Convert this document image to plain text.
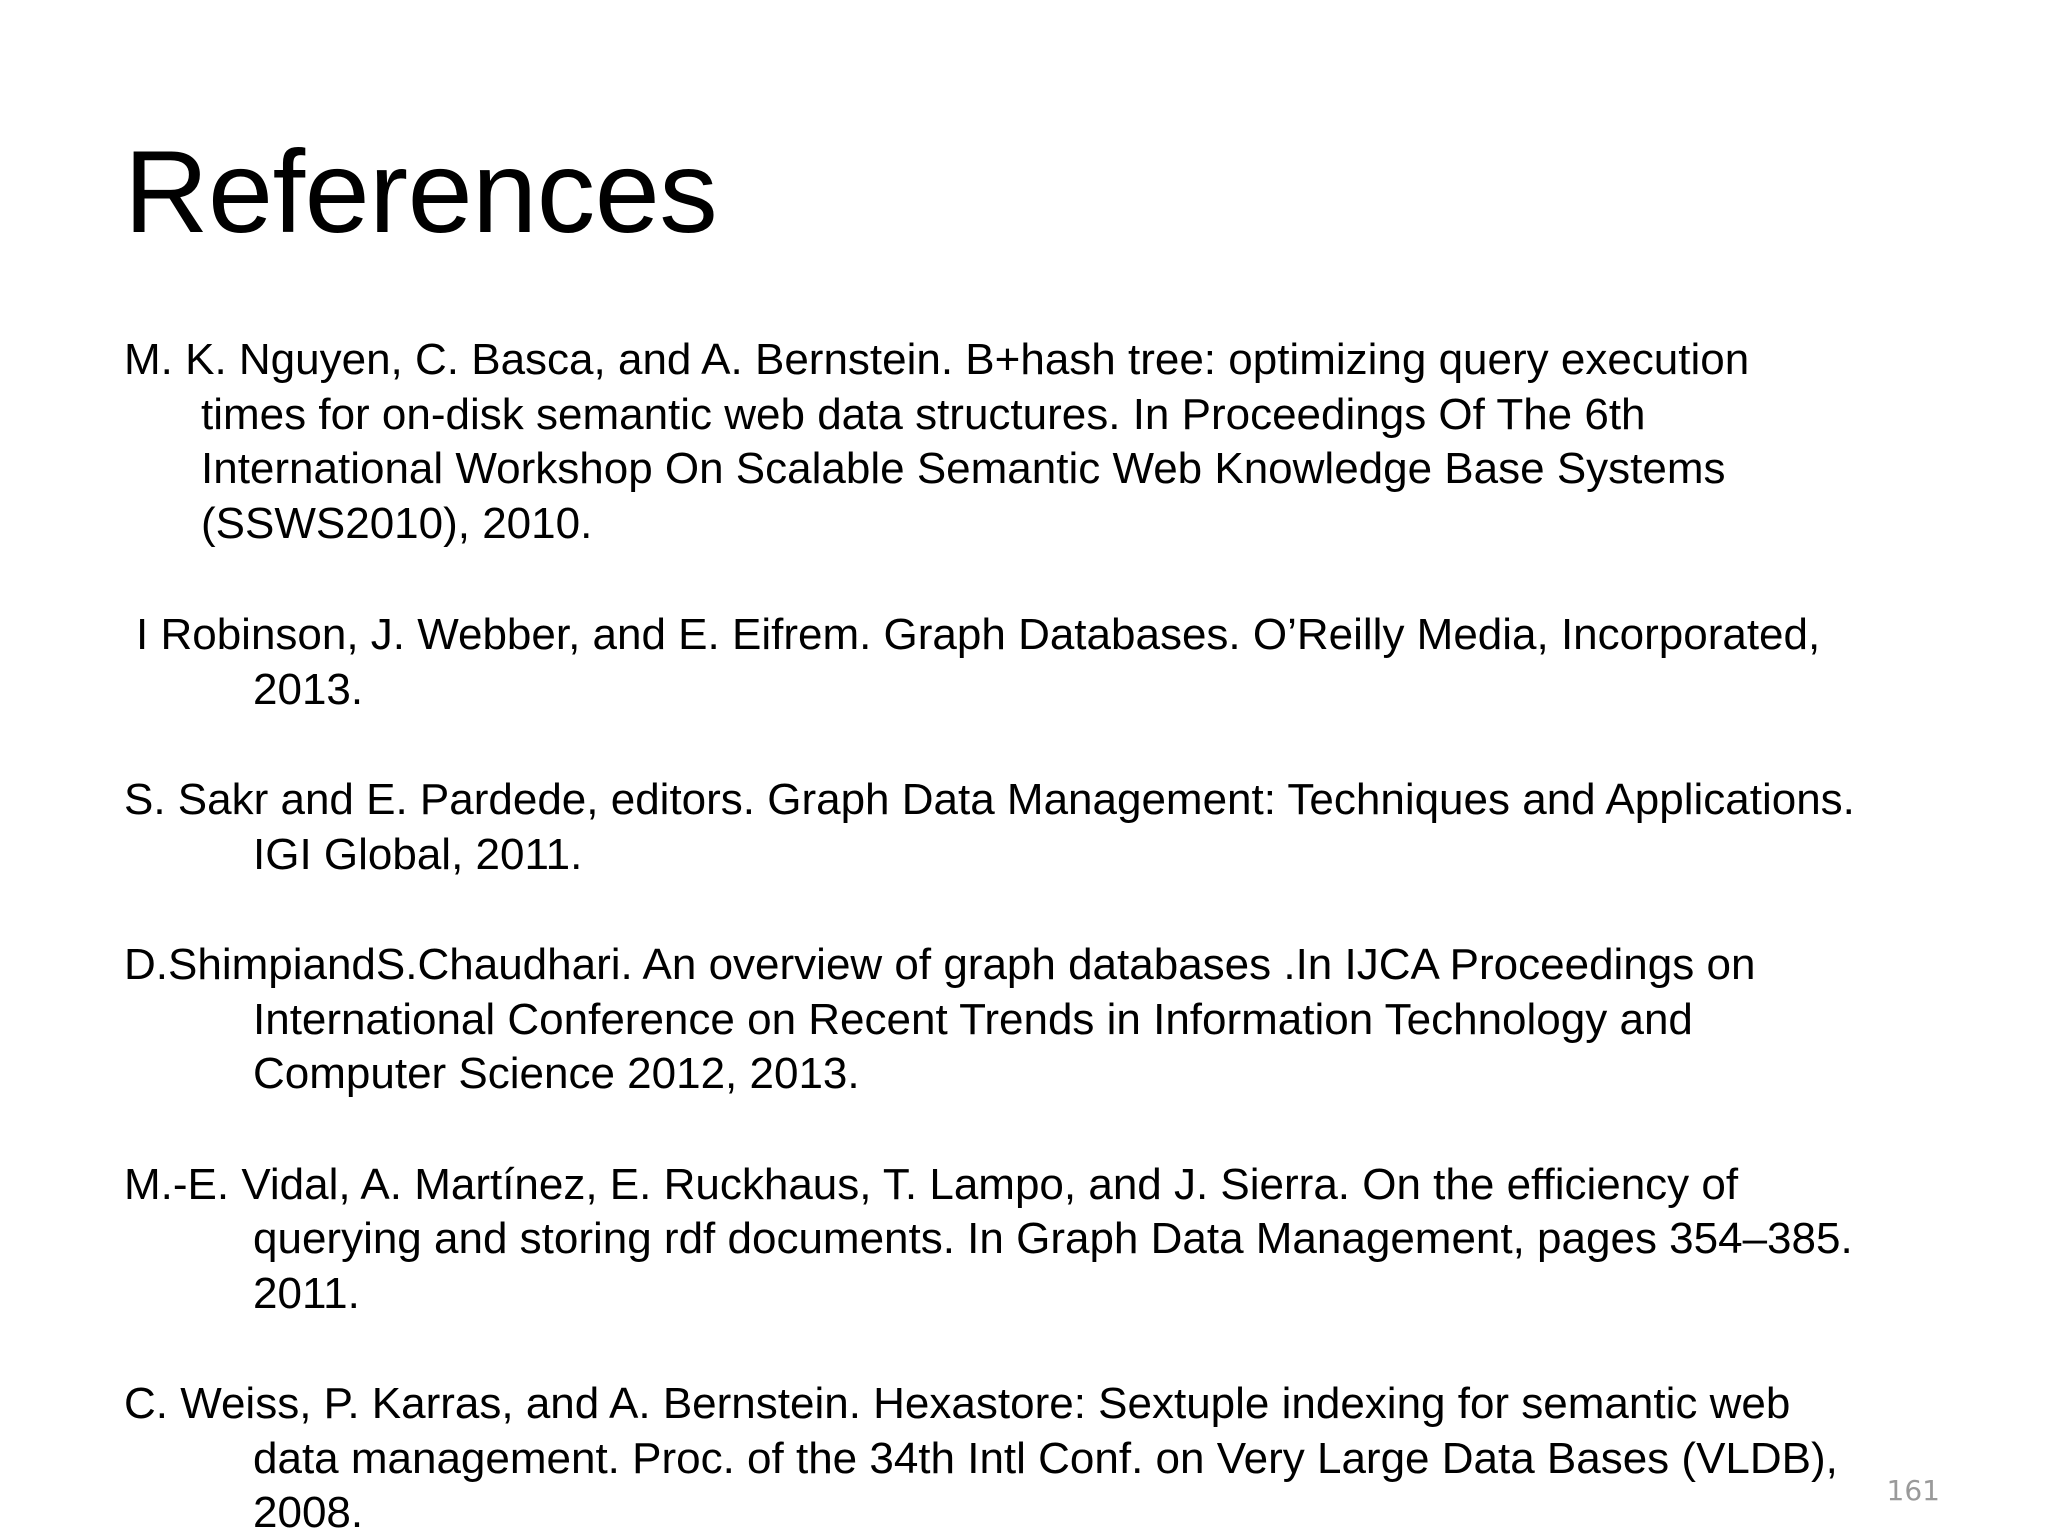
References
M. K. Nguyen, C. Basca, and A. Bernstein. B+hash tree: optimizing query execution
times for on-disk semantic web data structures. In Proceedings Of The 6th
International Workshop On Scalable Semantic Web Knowledge Base Systems
(SSWS2010), 2010.
I Robinson, J. Webber, and E. Eifrem. Graph Databases. O’Reilly Media, Incorporated,
2013.
S. Sakr and E. Pardede, editors. Graph Data Management: Techniques and Applications.
IGI Global, 2011.
D.ShimpiandS.Chaudhari. An overview of graph databases .In IJCA Proceedings on
International Conference on Recent Trends in Information Technology and
Computer Science 2012, 2013.
M.-E. Vidal, A. Martínez, E. Ruckhaus, T. Lampo, and J. Sierra. On the efficiency of
querying and storing rdf documents. In Graph Data Management, pages 354–385.
2011.
C. Weiss, P. Karras, and A. Bernstein. Hexastore: Sextuple indexing for semantic web
data management. Proc. of the 34th Intl Conf. on Very Large Data Bases (VLDB),
2008.	161
